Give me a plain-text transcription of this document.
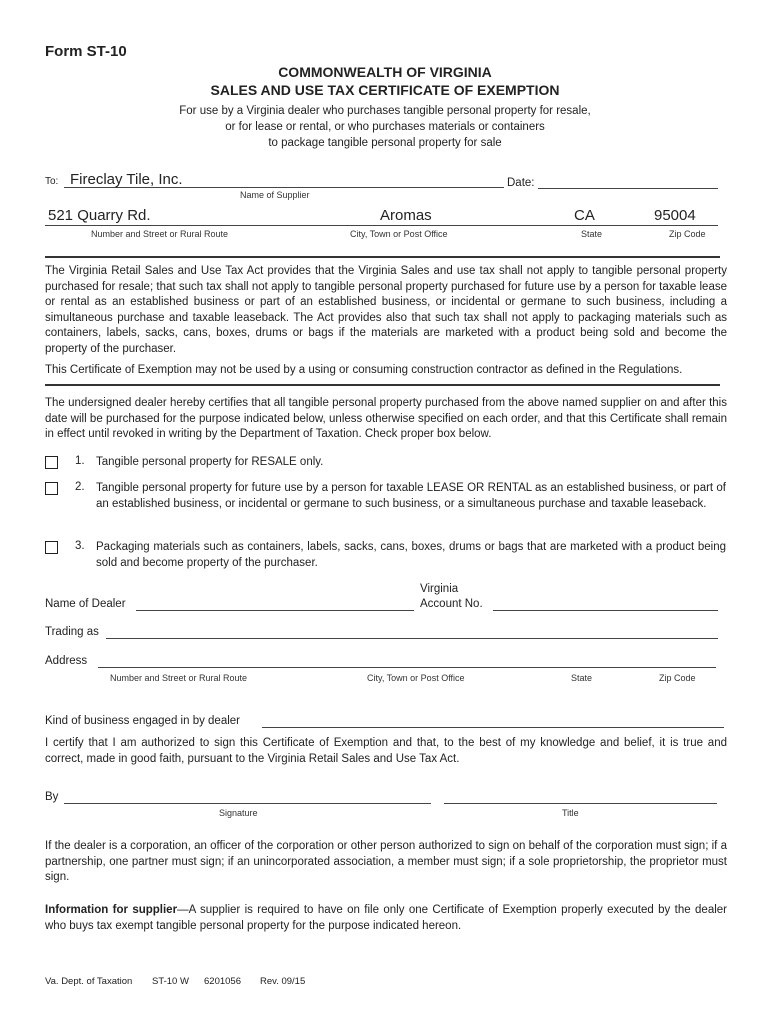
Form ST-10
COMMONWEALTH OF VIRGINIA
SALES AND USE TAX CERTIFICATE OF EXEMPTION
For use by a Virginia dealer who purchases tangible personal property for resale,
or for lease or rental, or who purchases materials or containers
to package tangible personal property for sale
To: Fireclay Tile, Inc.
Name of Supplier
Date:
521 Quarry Rd.	Aromas	CA	95004
Number and Street or Rural Route	City, Town or Post Office	State	Zip Code
The Virginia Retail Sales and Use Tax Act provides that the Virginia Sales and use tax shall not apply to tangible personal property purchased for resale; that such tax shall not apply to tangible personal property purchased for future use by a person for taxable lease or rental as an established business or part of an established business, or incidental or germane to such business, including a simultaneous purchase and taxable leaseback. The Act provides also that such tax shall not apply to packaging materials such as containers, labels, sacks, cans, boxes, drums or bags if the materials are marketed with a product being sold and become the property of the purchaser.
This Certificate of Exemption may not be used by a using or consuming construction contractor as defined in the Regulations.
The undersigned dealer hereby certifies that all tangible personal property purchased from the above named supplier on and after this date will be purchased for the purpose indicated below, unless otherwise specified on each order, and that this Certificate shall remain in effect until revoked in writing by the Department of Taxation. Check proper box below.
1. Tangible personal property for RESALE only.
2. Tangible personal property for future use by a person for taxable LEASE OR RENTAL as an established business, or part of an established business, or incidental or germane to such business, or a simultaneous purchase and taxable leaseback.
3. Packaging materials such as containers, labels, sacks, cans, boxes, drums or bags that are marketed with a product being sold and become property of the purchaser.
Name of Dealer
Virginia
Account No.
Trading as
Address
Number and Street or Rural Route	City, Town or Post Office	State	Zip Code
Kind of business engaged in by dealer
I certify that I am authorized to sign this Certificate of Exemption and that, to the best of my knowledge and belief, it is true and correct, made in good faith, pursuant to the Virginia Retail Sales and Use Tax Act.
By
Signature	Title
If the dealer is a corporation, an officer of the corporation or other person authorized to sign on behalf of the corporation must sign; if a partnership, one partner must sign; if an unincorporated association, a member must sign; if a sole proprietorship, the proprietor must sign.
Information for supplier—A supplier is required to have on file only one Certificate of Exemption properly executed by the dealer who buys tax exempt tangible personal property for the purpose indicated hereon.
Va. Dept. of Taxation ST-10 W 6201056 Rev. 09/15
